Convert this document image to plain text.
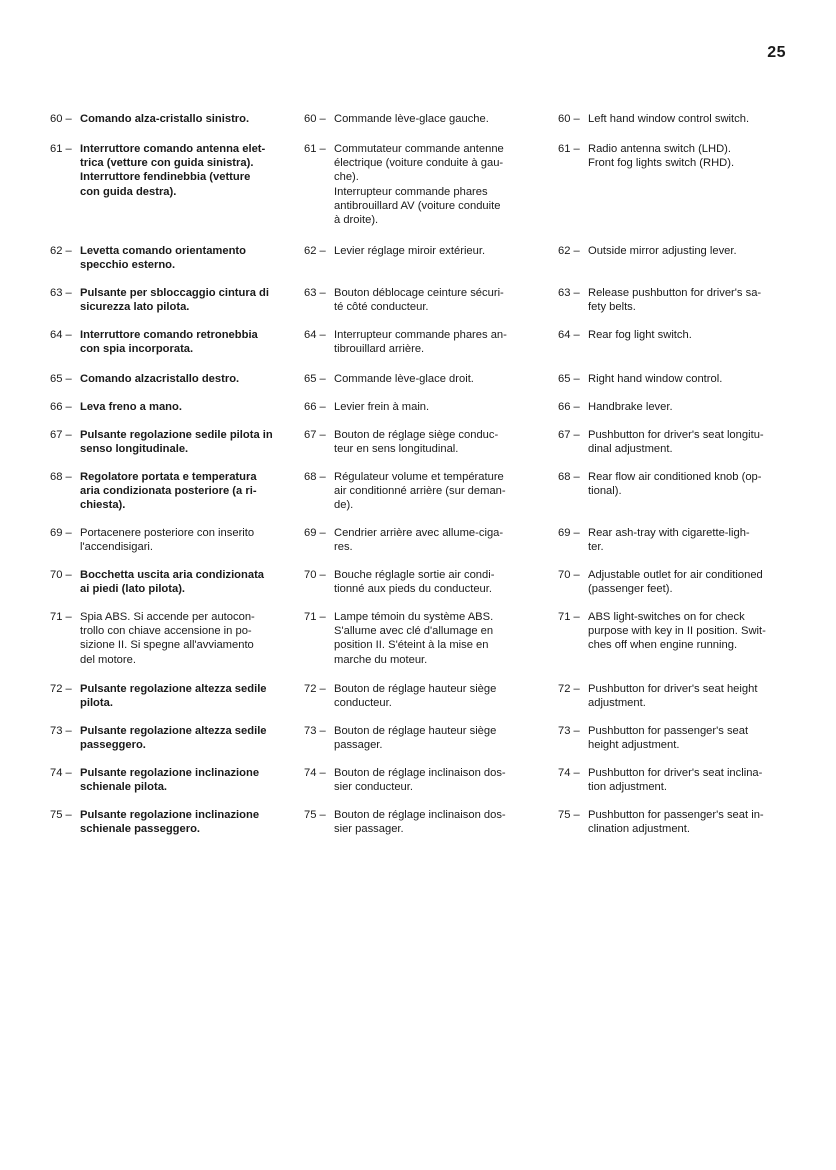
25
60 – Comando alza-cristallo sinistro.
61 – Interruttore comando antenna elet-
trica (vetture con guida sinistra).
Interruttore fendinebbia (vetture
con guida destra).
62 – Levetta comando orientamento
specchio esterno.
63 – Pulsante per sbloccaggio cintura di
sicurezza lato pilota.
64 – Interruttore comando retronebbia
con spia incorporata.
65 – Comando alzacristallo destro.
66 – Leva freno a mano.
67 – Pulsante regolazione sedile pilota in
senso longitudinale.
68 – Regolatore portata e temperatura
aria condizionata posteriore (a ri-
chiesta).
69 – Portacenere posteriore con inserito
l'accendisigari.
70 – Bocchetta uscita aria condizionata
ai piedi (lato pilota).
71 – Spia ABS. Si accende per autocon-
trollo con chiave accensione in po-
sizione II. Si spegne all'avviamento
del motore.
72 – Pulsante regolazione altezza sedile
pilota.
73 – Pulsante regolazione altezza sedile
passeggero.
74 – Pulsante regolazione inclinazione
schienale pilota.
75 – Pulsante regolazione inclinazione
schienale passeggero.
60 – Commande lève-glace gauche.
61 – Commutateur commande antenne
électrique (voiture conduite à gau-
che).
Interrupteur commande phares
antibrouillard AV (voiture conduite
à droite).
62 – Levier réglage miroir extérieur.
63 – Bouton déblocage ceinture sécuri-
té côté conducteur.
64 – Interrupteur commande phares an-
tibrouillard arrière.
65 – Commande lève-glace droit.
66 – Levier frein à main.
67 – Bouton de réglage siège conduc-
teur en sens longitudinal.
68 – Régulateur volume et température
air conditionné arrière (sur deman-
de).
69 – Cendrier arrière avec allume-ciga-
res.
70 – Bouche réglagle sortie air condi-
tionné aux pieds du conducteur.
71 – Lampe témoin du système ABS.
S'allume avec clé d'allumage en
position II. S'éteint à la mise en
marche du moteur.
72 – Bouton de réglage hauteur siège
conducteur.
73 – Bouton de réglage hauteur siège
passager.
74 – Bouton de réglage inclinaison dos-
sier conducteur.
75 – Bouton de réglage inclinaison dos-
sier passager.
60 – Left hand window control switch.
61 – Radio antenna switch (LHD).
Front fog lights switch (RHD).
62 – Outside mirror adjusting lever.
63 – Release pushbutton for driver's sa-
fety belts.
64 – Rear fog light switch.
65 – Right hand window control.
66 – Handbrake lever.
67 – Pushbutton for driver's seat longitu-
dinal adjustment.
68 – Rear flow air conditioned knob (op-
tional).
69 – Rear ash-tray with cigarette-ligh-
ter.
70 – Adjustable outlet for air conditioned
(passenger feet).
71 – ABS light-switches on for check
purpose with key in II position. Swit-
ches off when engine running.
72 – Pushbutton for driver's seat height
adjustment.
73 – Pushbutton for passenger's seat
height adjustment.
74 – Pushbutton for driver's seat inclina-
tion adjustment.
75 – Pushbutton for passenger's seat in-
clination adjustment.
